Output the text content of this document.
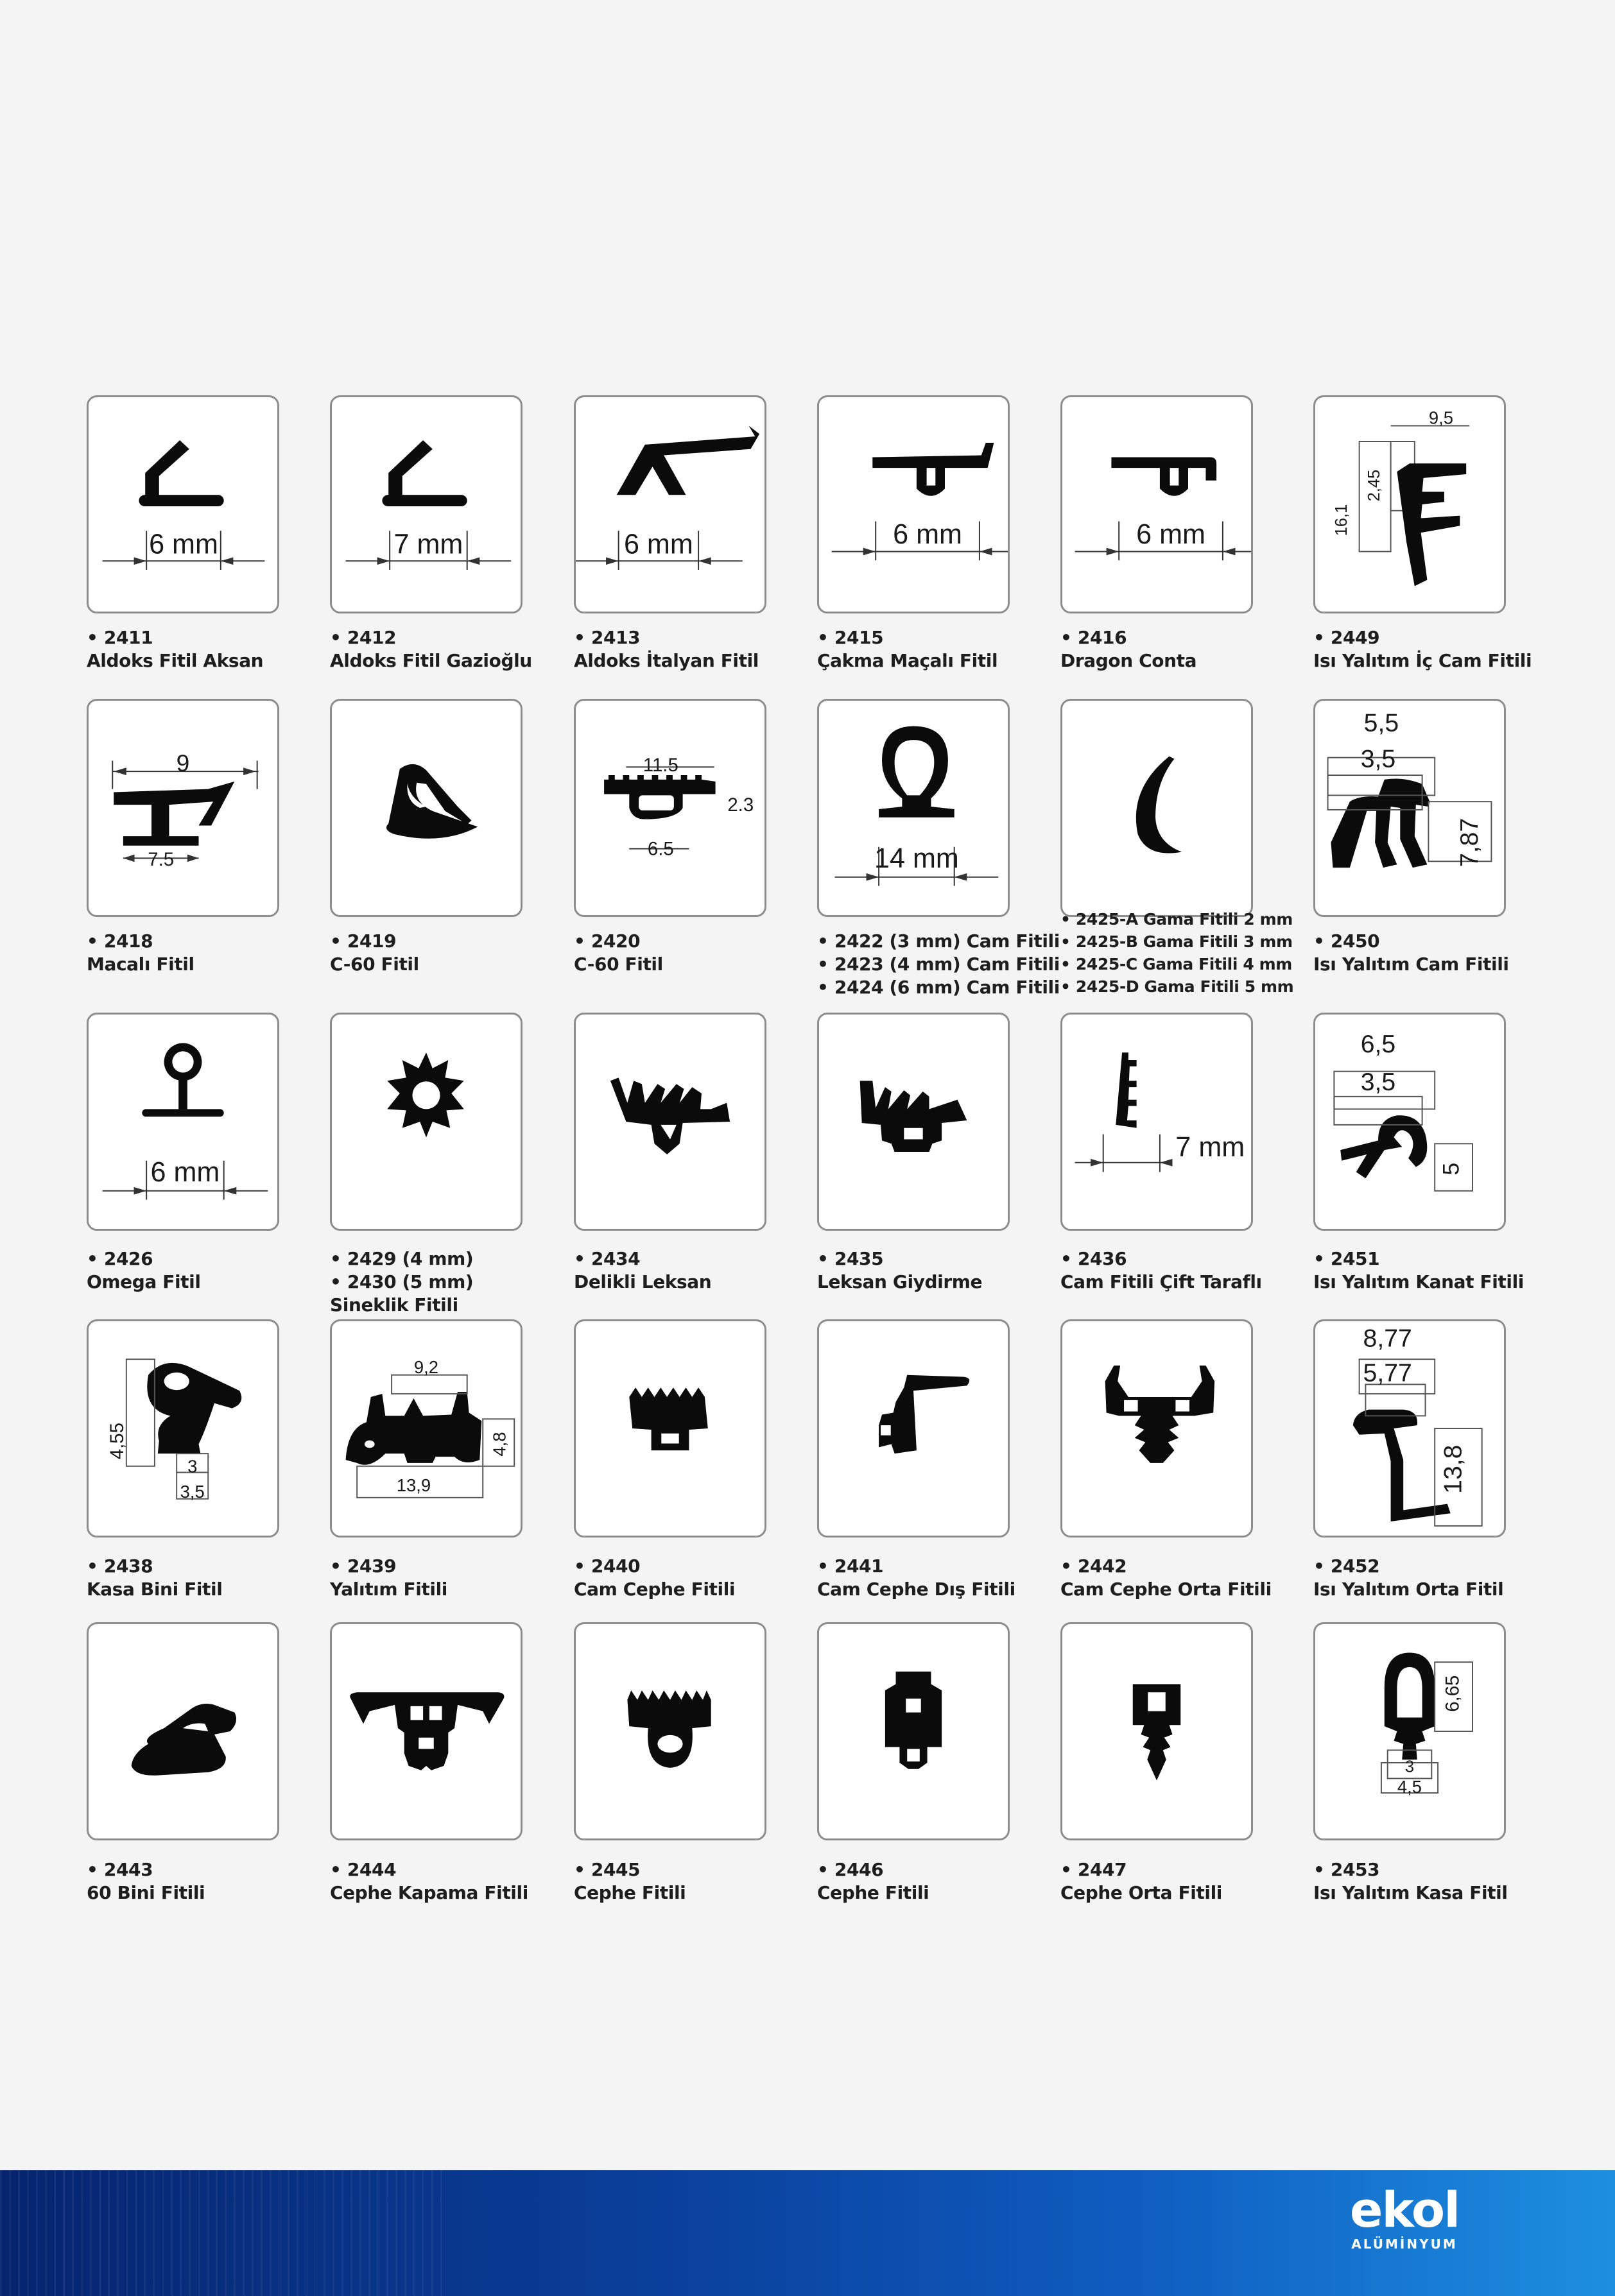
6 mm
• 2411
Aldoks Fitil Aksan
7 mm
• 2412
Aldoks Fitil Gazioğlu
6 mm
• 2413
Aldoks İtalyan Fitil
6 mm
• 2415
Çakma Maçalı Fitil
6 mm
• 2416
Dragon Conta
9,5
16,1
2,45
• 2449
Isı Yalıtım İç Cam Fitili
9
7.5
• 2418
Macalı Fitil
• 2419
C-60 Fitil
11.5
2.3
6.5
• 2420
C-60 Fitil
14 mm
• 2422 (3 mm) Cam Fitili
• 2423 (4 mm) Cam Fitili
• 2424 (6 mm) Cam Fitili
• 2425-A Gama Fitili 2 mm
• 2425-B Gama Fitili 3 mm
• 2425-C Gama Fitili 4 mm
• 2425-D Gama Fitili 5 mm
5,5
3,5
7,87
• 2450
Isı Yalıtım Cam Fitili
6 mm
• 2426
Omega Fitil
• 2429 (4 mm)
• 2430 (5 mm)
Sineklik Fitili
• 2434
Delikli Leksan
• 2435
Leksan Giydirme
7 mm
• 2436
Cam Fitili Çift Taraflı
6,5
3,5
5
• 2451
Isı Yalıtım Kanat Fitili
4,55
3
3,5
• 2438
Kasa Bini Fitil
9,2
4,8
13,9
• 2439
Yalıtım Fitili
• 2440
Cam Cephe Fitili
• 2441
Cam Cephe Dış Fitili
• 2442
Cam Cephe Orta Fitili
8,77
5,77
13,8
• 2452
Isı Yalıtım Orta Fitil
• 2443
60 Bini Fitili
• 2444
Cephe Kapama Fitili
• 2445
Cephe Fitili
• 2446
Cephe Fitili
• 2447
Cephe Orta Fitili
6,65
3
4,5
• 2453
Isı Yalıtım Kasa Fitil
ekol
ALÜMİNYUM
